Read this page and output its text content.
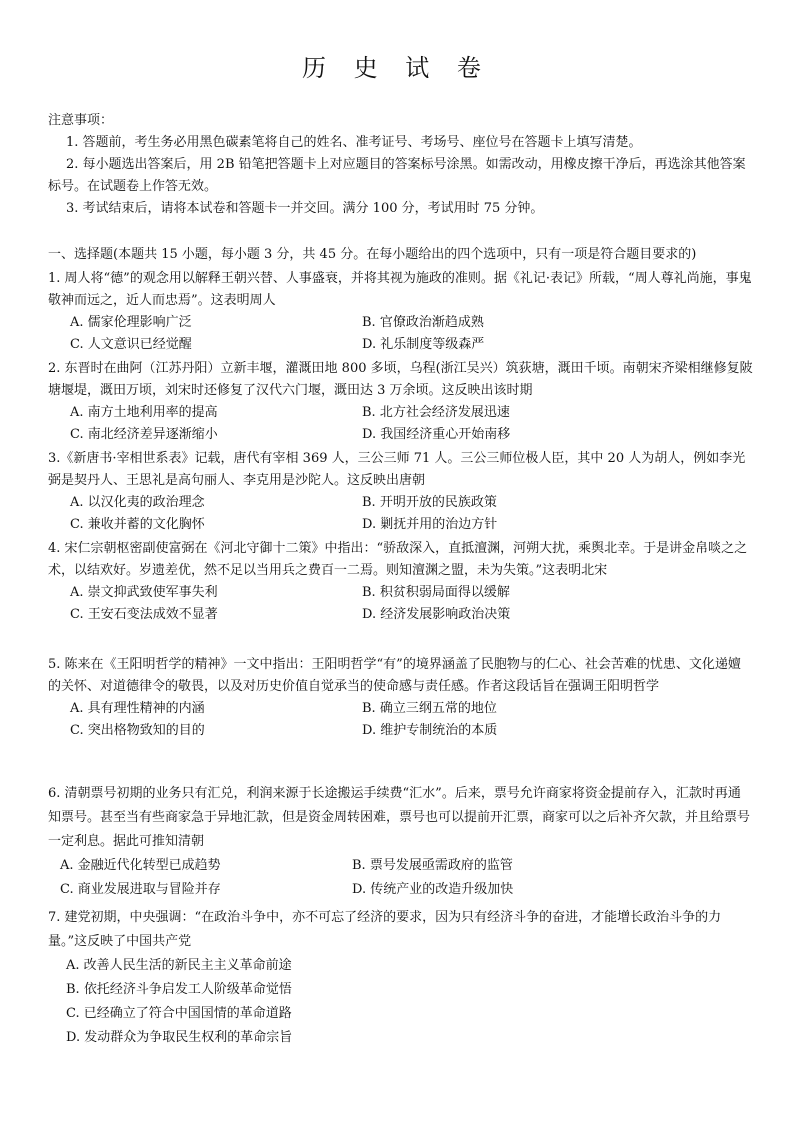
历 史 试 卷
注意事项：
1. 答题前，考生务必用黑色碳素笔将自己的姓名、准考证号、考场号、座位号在答题卡上填写清楚。
2. 每小题选出答案后，用 2B 铅笔把答题卡上对应题目的答案标号涂黑。如需改动，用橡皮擦干净后，再选涂其他答案标号。在试题卷上作答无效。
3. 考试结束后，请将本试卷和答题卡一并交回。满分 100 分，考试用时 75 分钟。
一、选择题(本题共 15 小题，每小题 3 分，共 45 分。在每小题给出的四个选项中，只有一项是符合题目要求的)
1. 周人将“德”的观念用以解释王朝兴替、人事盛衰，并将其视为施政的准则。据《礼记·表记》所载，“周人尊礼尚施，事鬼敬神而远之，近人而忠焉”。这表明周人
A. 儒家伦理影响广泛	B. 官僚政治渐趋成熟
C. 人文意识已经觉醒	D. 礼乐制度等级森严
2. 东晋时在曲阿（江苏丹阳）立新丰堰，灌溉田地 800 多顷，乌程(浙江吴兴）筑荻塘，溉田千顷。南朝宋齐梁相继修复陂塘堰堤，溉田万顷，刘宋时还修复了汉代六门堰，溉田达 3 万余顷。这反映出该时期
A. 南方土地利用率的提高	B. 北方社会经济发展迅速
C. 南北经济差异逐渐缩小	D. 我国经济重心开始南移
3.《新唐书·宰相世系表》记载，唐代有宰相 369 人，三公三师 71 人。三公三师位极人臣，其中 20 人为胡人，例如李光弼是契丹人、王思礼是高句丽人、李克用是沙陀人。这反映出唐朝
A. 以汉化夷的政治理念	B. 开明开放的民族政策
C. 兼收并蓄的文化胸怀	D. 剿抚并用的治边方针
4. 宋仁宗朝枢密副使富弼在《河北守御十二策》中指出：“骄敌深入，直抵澶渊，河朔大扰，乘舆北幸。于是讲金帛啖之之术，以结欢好。岁遗差优，然不足以当用兵之费百一二焉。则知澶渊之盟，未为失策。”这表明北宋
A. 崇文抑武致使军事失利	B. 积贫积弱局面得以缓解
C. 王安石变法成效不显著	D. 经济发展影响政治决策
5. 陈来在《王阳明哲学的精神》一文中指出：王阳明哲学“有”的境界涵盖了民胞物与的仁心、社会苦难的忧患、文化递嬗的关怀、对道德律令的敬畏，以及对历史价值自觉承当的使命感与责任感。作者这段话旨在强调王阳明哲学
A. 具有理性精神的内涵	B. 确立三纲五常的地位
C. 突出格物致知的目的	D. 维护专制统治的本质
6. 清朝票号初期的业务只有汇兑，利润来源于长途搬运手续费“汇水”。后来，票号允许商家将资金提前存入，汇款时再通知票号。甚至当有些商家急于异地汇款，但是资金周转困难，票号也可以提前开汇票，商家可以之后补齐欠款，并且给票号一定利息。据此可推知清朝
A. 金融近代化转型已成趋势	B. 票号发展亟需政府的监管
C. 商业发展进取与冒险并存	D. 传统产业的改造升级加快
7. 建党初期，中央强调：“在政治斗争中，亦不可忘了经济的要求，因为只有经济斗争的奋进，才能增长政治斗争的力量。”这反映了中国共产党
A. 改善人民生活的新民主主义革命前途
B. 依托经济斗争启发工人阶级革命觉悟
C. 已经确立了符合中国国情的革命道路
D. 发动群众为争取民生权利的革命宗旨
